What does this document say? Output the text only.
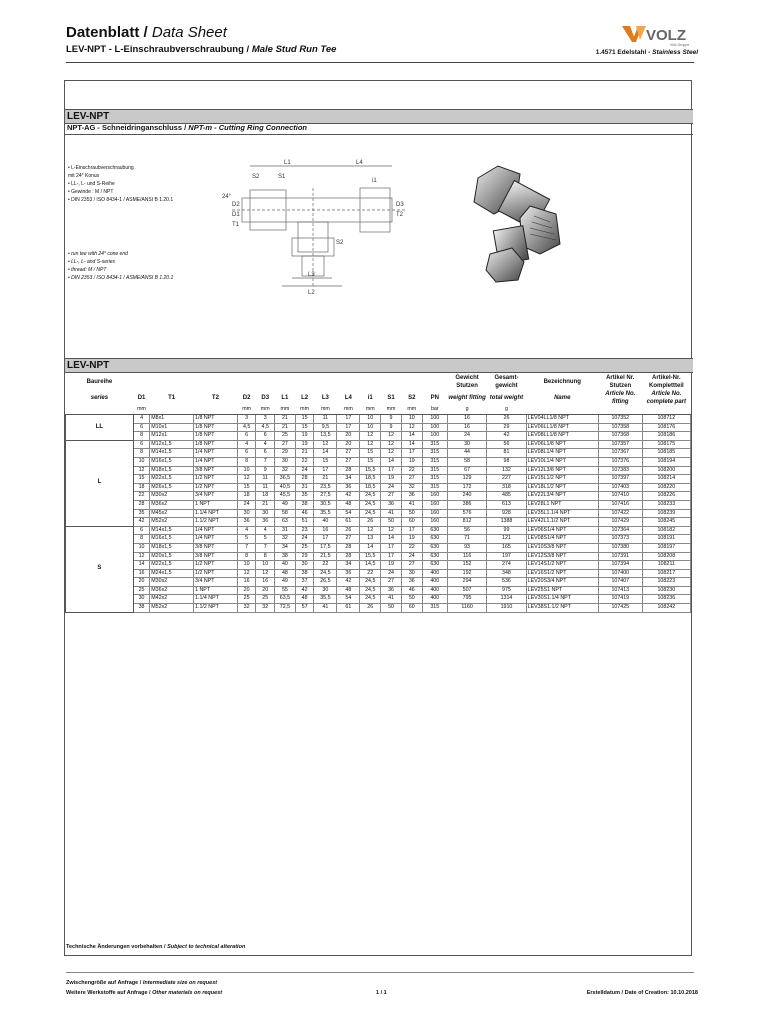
Datenblatt / Data Sheet
LEV-NPT - L-Einschraubverschraubung / Male Stud Run Tee
VOLZ
Volz Gruppe
1.4571 Edelstahl - Stainless Steel
LEV-NPT
NPT-AG - Schneidringanschluss / NPT-m - Cutting Ring Connection
• L-Einschraubverschraubung
mit 24° Konus
• LL-, L- und S-Reihe
• Gewinde : M / NPT
• DIN 2353 / ISO 8434-1 / ASME/ANSI B 1.20.1
• run tee with 24° cone end
• LL-, L- and S-series
• thread: M / NPT
• DIN 2353 / ISO 8434-1 / ASME/ANSI B 1.20.1
L1	L4
S2	S1
i1
D2
D1
T1
24°
D3
T2
S2
L3
L2
LEV-NPT
Baureihe														Gewicht Stutzen	Gesamt-gewicht	Bezeichnung	Artikel Nr. Stutzen	Artikel-Nr. Komplettteil
series	D1	T1	T2	D2	D3	L1	L2	L3	L4	i1	S1	S2	PN	weight fitting	total weight	Name	Article No. fitting	Article No. complete part
	mm			mm	mm	mm	mm	mm	mm	mm	mm	mm	bar	g	g			
LL	4	M8x1	1/8 NPT	3	3	21	15	11	17	10	9	10	100	16	26	LEV04LL1/8 NPT	107352	108712
	6	M10x1	1/8 NPT	4,5	4,5	21	15	9,5	17	10	9	12	100	16	29	LEV06LL1/8 NPT	107358	108176
	8	M12x1	1/8 NPT	6	6	25	19	13,5	20	12	12	14	100	24	42	LEV08LL1/8 NPT	107368	108186
L	6	M12x1,5	1/8 NPT	4	4	27	19	12	20	12	12	14	315	30	56	LEV06L1/8 NPT	107357	108175
	8	M14x1,5	1/4 NPT	6	6	29	21	14	27	15	12	17	315	44	81	LEV08L1/4 NPT	107367	108185
	10	M16x1,5	1/4 NPT	8	7	30	22	15	27	15	14	19	315	58	98	LEV10L1/4 NPT	107376	108194
	12	M18x1,5	3/8 NPT	10	9	32	24	17	28	15,5	17	22	315	67	132	LEV12L3/8 NPT	107383	108200
	15	M22x1,5	1/2 NPT	12	11	36,5	28	21	34	18,5	19	27	315	129	227	LEV15L1/2 NPT	107397	108214
	18	M26x1,5	1/2 NPT	15	11	40,5	31	23,5	36	18,5	24	32	315	172	318	LEV18L1/2 NPT	107403	108220
	22	M30x2	3/4 NPT	18	18	45,5	35	27,5	42	24,5	27	36	160	240	485	LEV22L3/4 NPT	107410	108226
	28	M36x2	1 NPT	24	21	49	38	30,5	48	24,5	36	41	160	386	613	LEV28L1 NPT	107416	108233
	35	M45x2	1.1/4 NPT	30	30	58	46	35,5	54	24,5	41	50	160	576	928	LEV35L1.1/4 NPT	107422	108239
	42	M52x2	1.1/2 NPT	36	36	63	51	40	61	26	50	60	160	812	1388	LEV42L1.1/2 NPT	107429	108245
S	6	M14x1,5	1/4 NPT	4	4	31	23	16	26	12	12	17	630	56	99	LEV06S1/4 NPT	107364	108182
	8	M16x1,5	1/4 NPT	5	5	32	24	17	27	13	14	19	630	71	121	LEV08S1/4 NPT	107373	108191
	10	M18x1,5	3/8 NPT	7	7	34	25	17,5	28	14	17	22	630	93	165	LEV10S3/8 NPT	107380	108197
	12	M20x1,5	3/8 NPT	8	8	38	29	21,5	28	15,5	17	24	630	116	197	LEV12S3/8 NPT	107391	108208
	14	M22x1,5	1/2 NPT	10	10	40	30	22	34	14,5	19	27	630	152	274	LEV14S1/2 NPT	107394	108211
	16	M24x1,5	1/2 NPT	12	12	48	38	24,5	36	22	24	30	400	192	348	LEV16S1/2 NPT	107400	108217
	20	M30x2	3/4 NPT	16	16	49	37	26,5	42	24,5	27	36	400	294	536	LEV20S3/4 NPT	107407	108223
	25	M36x2	1 NPT	20	20	55	42	30	48	24,5	36	46	400	507	975	LEV25S1 NPT	107413	108230
	30	M42x2	1.1/4 NPT	25	25	63,5	48	35,5	54	24,5	41	50	400	795	1314	LEV30S1.1/4 NPT	107419	108236
	38	M52x2	1.1/2 NPT	32	32	72,5	57	41	61	26	50	60	315	1160	1910	LEV38S1.1/2 NPT	107425	108242
Technische Änderungen vorbehalten / Subject to technical alteration
Zwischengröße auf Anfrage / Intermediate size on request
Weitere Werkstoffe auf Anfrage / Other materials on request	1 / 1	Erstelldatum / Date of Creation: 10.10.2018
